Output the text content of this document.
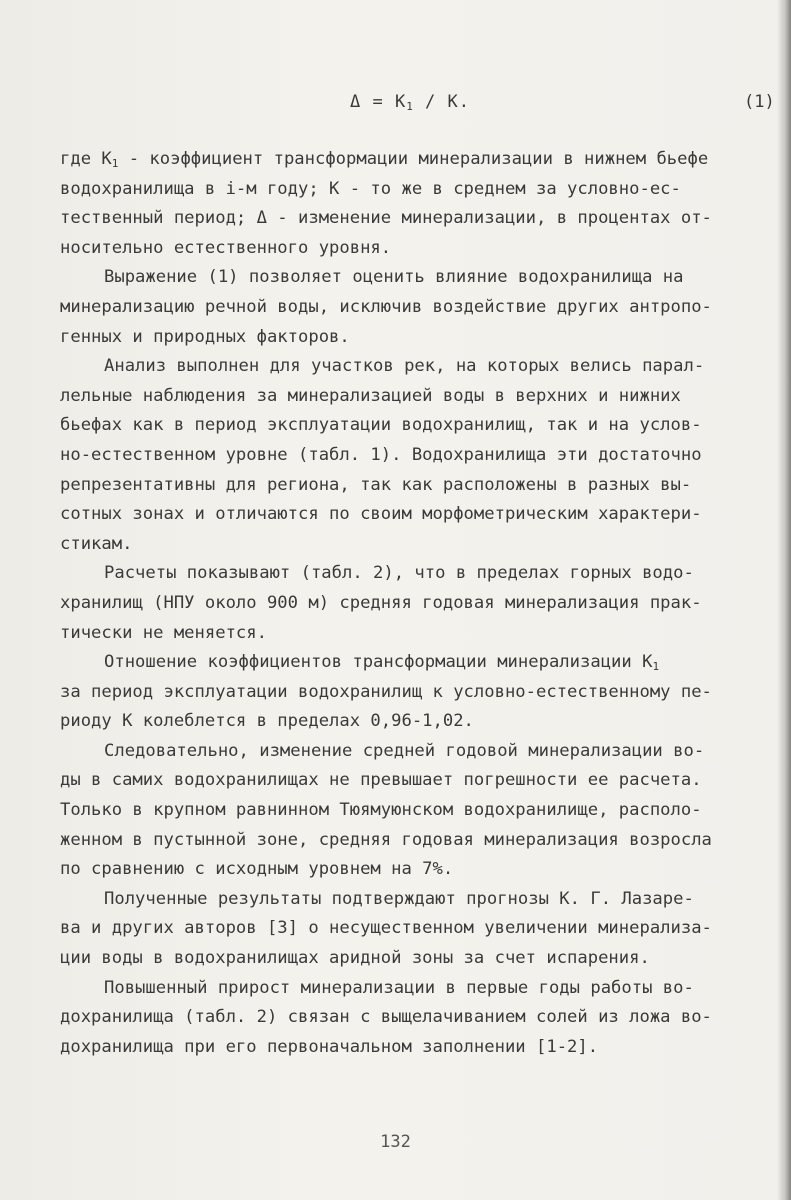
$\Delta = K_1 / K$.	(1)
где $K_1$ - коэффициент трансформации минерализации в нижнем бьефе
водохранилища в i-м году; K - то же в среднем за условно-ес-
тественный период; Δ - изменение минерализации, в процентах от-
носительно естественного уровня.
Выражение (1) позволяет оценить влияние водохранилища на
минерализацию речной воды, исключив воздействие других антропо-
генных и природных факторов.
Анализ выполнен для участков рек, на которых велись парал-
лельные наблюдения за минерализацией воды в верхних и нижних
бьефах как в период эксплуатации водохранилищ, так и на услов-
но-естественном уровне (табл. 1). Водохранилища эти достаточно
репрезентативны для региона, так как расположены в разных вы-
сотных зонах и отличаются по своим морфометрическим характери-
стикам.
Расчеты показывают (табл. 2), что в пределах горных водо-
хранилищ (НПУ около 900 м) средняя годовая минерализация прак-
тически не меняется.
Отношение коэффициентов трансформации минерализации $K_1$
за период эксплуатации водохранилищ к условно-естественному пе-
риоду K колеблется в пределах 0,96-1,02.
Следовательно, изменение средней годовой минерализации во-
ды в самих водохранилищах не превышает погрешности ее расчета.
Только в крупном равнинном Тюямуюнском водохранилище, располо-
женном в пустынной зоне, средняя годовая минерализация возросла
по сравнению с исходным уровнем на 7%.
Полученные результаты подтверждают прогнозы К. Г. Лазаре-
ва и других авторов [3] о несущественном увеличении минерализа-
ции воды в водохранилищах аридной зоны за счет испарения.
Повышенный прирост минерализации в первые годы работы во-
дохранилища (табл. 2) связан с выщелачиванием солей из ложа во-
дохранилища при его первоначальном заполнении [1-2].
132
